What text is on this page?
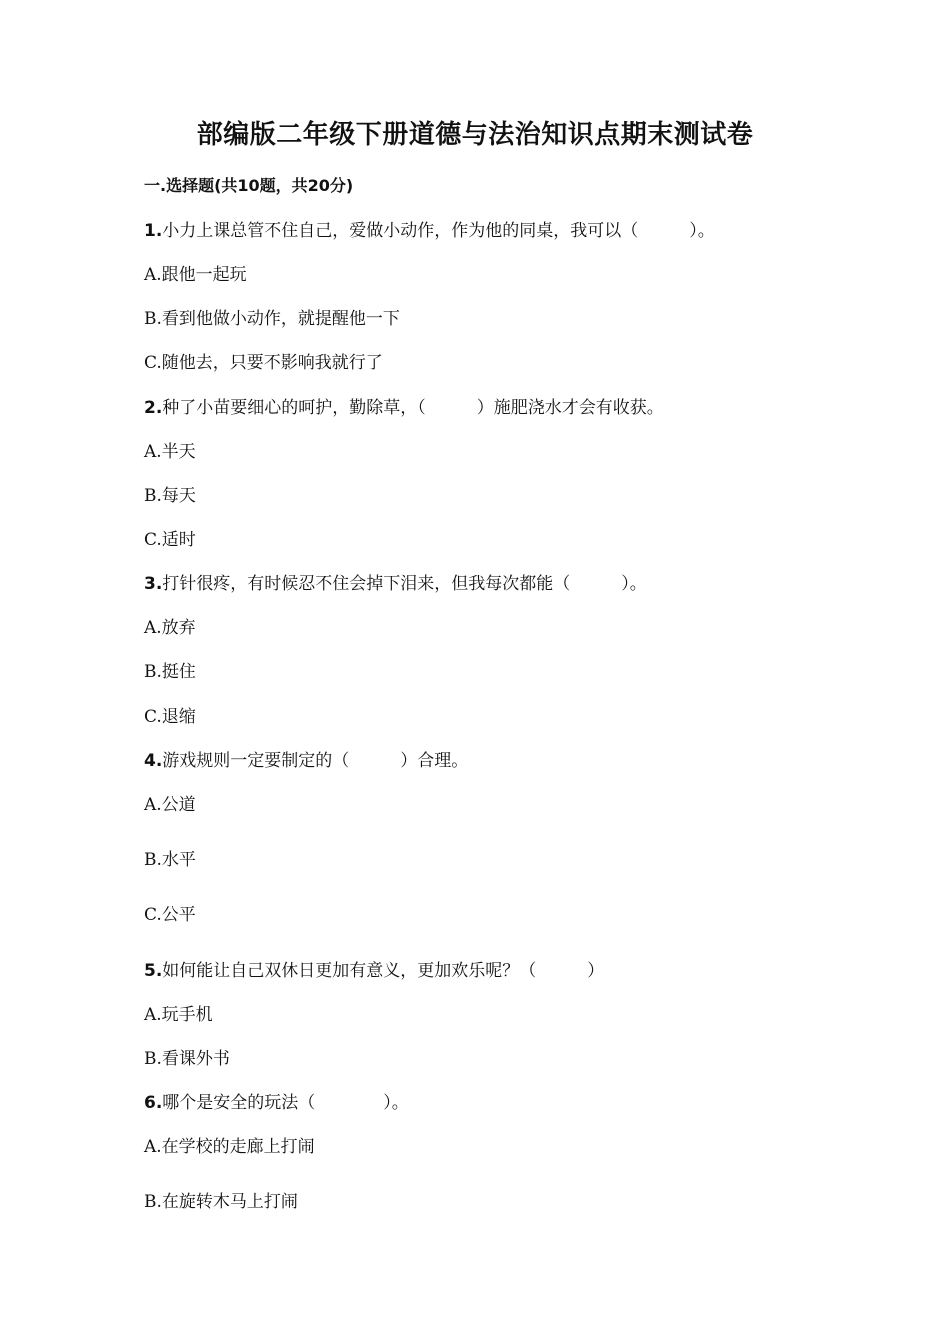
部编版二年级下册道德与法治知识点期末测试卷
一.选择题(共10题，共20分)
1.小力上课总管不住自己，爱做小动作，作为他的同桌，我可以（　　　）。
A.跟他一起玩
B.看到他做小动作，就提醒他一下
C.随他去，只要不影响我就行了
2.种了小苗要细心的呵护，勤除草，（　　　）施肥浇水才会有收获。
A.半天
B.每天
C.适时
3.打针很疼，有时候忍不住会掉下泪来，但我每次都能（　　　）。
A.放弃
B.挺住
C.退缩
4.游戏规则一定要制定的（　　　）合理。
A.公道
B.水平
C.公平
5.如何能让自己双休日更加有意义，更加欢乐呢？（　　　）
A.玩手机
B.看课外书
6.哪个是安全的玩法（　　　　）。
A.在学校的走廊上打闹
B.在旋转木马上打闹
